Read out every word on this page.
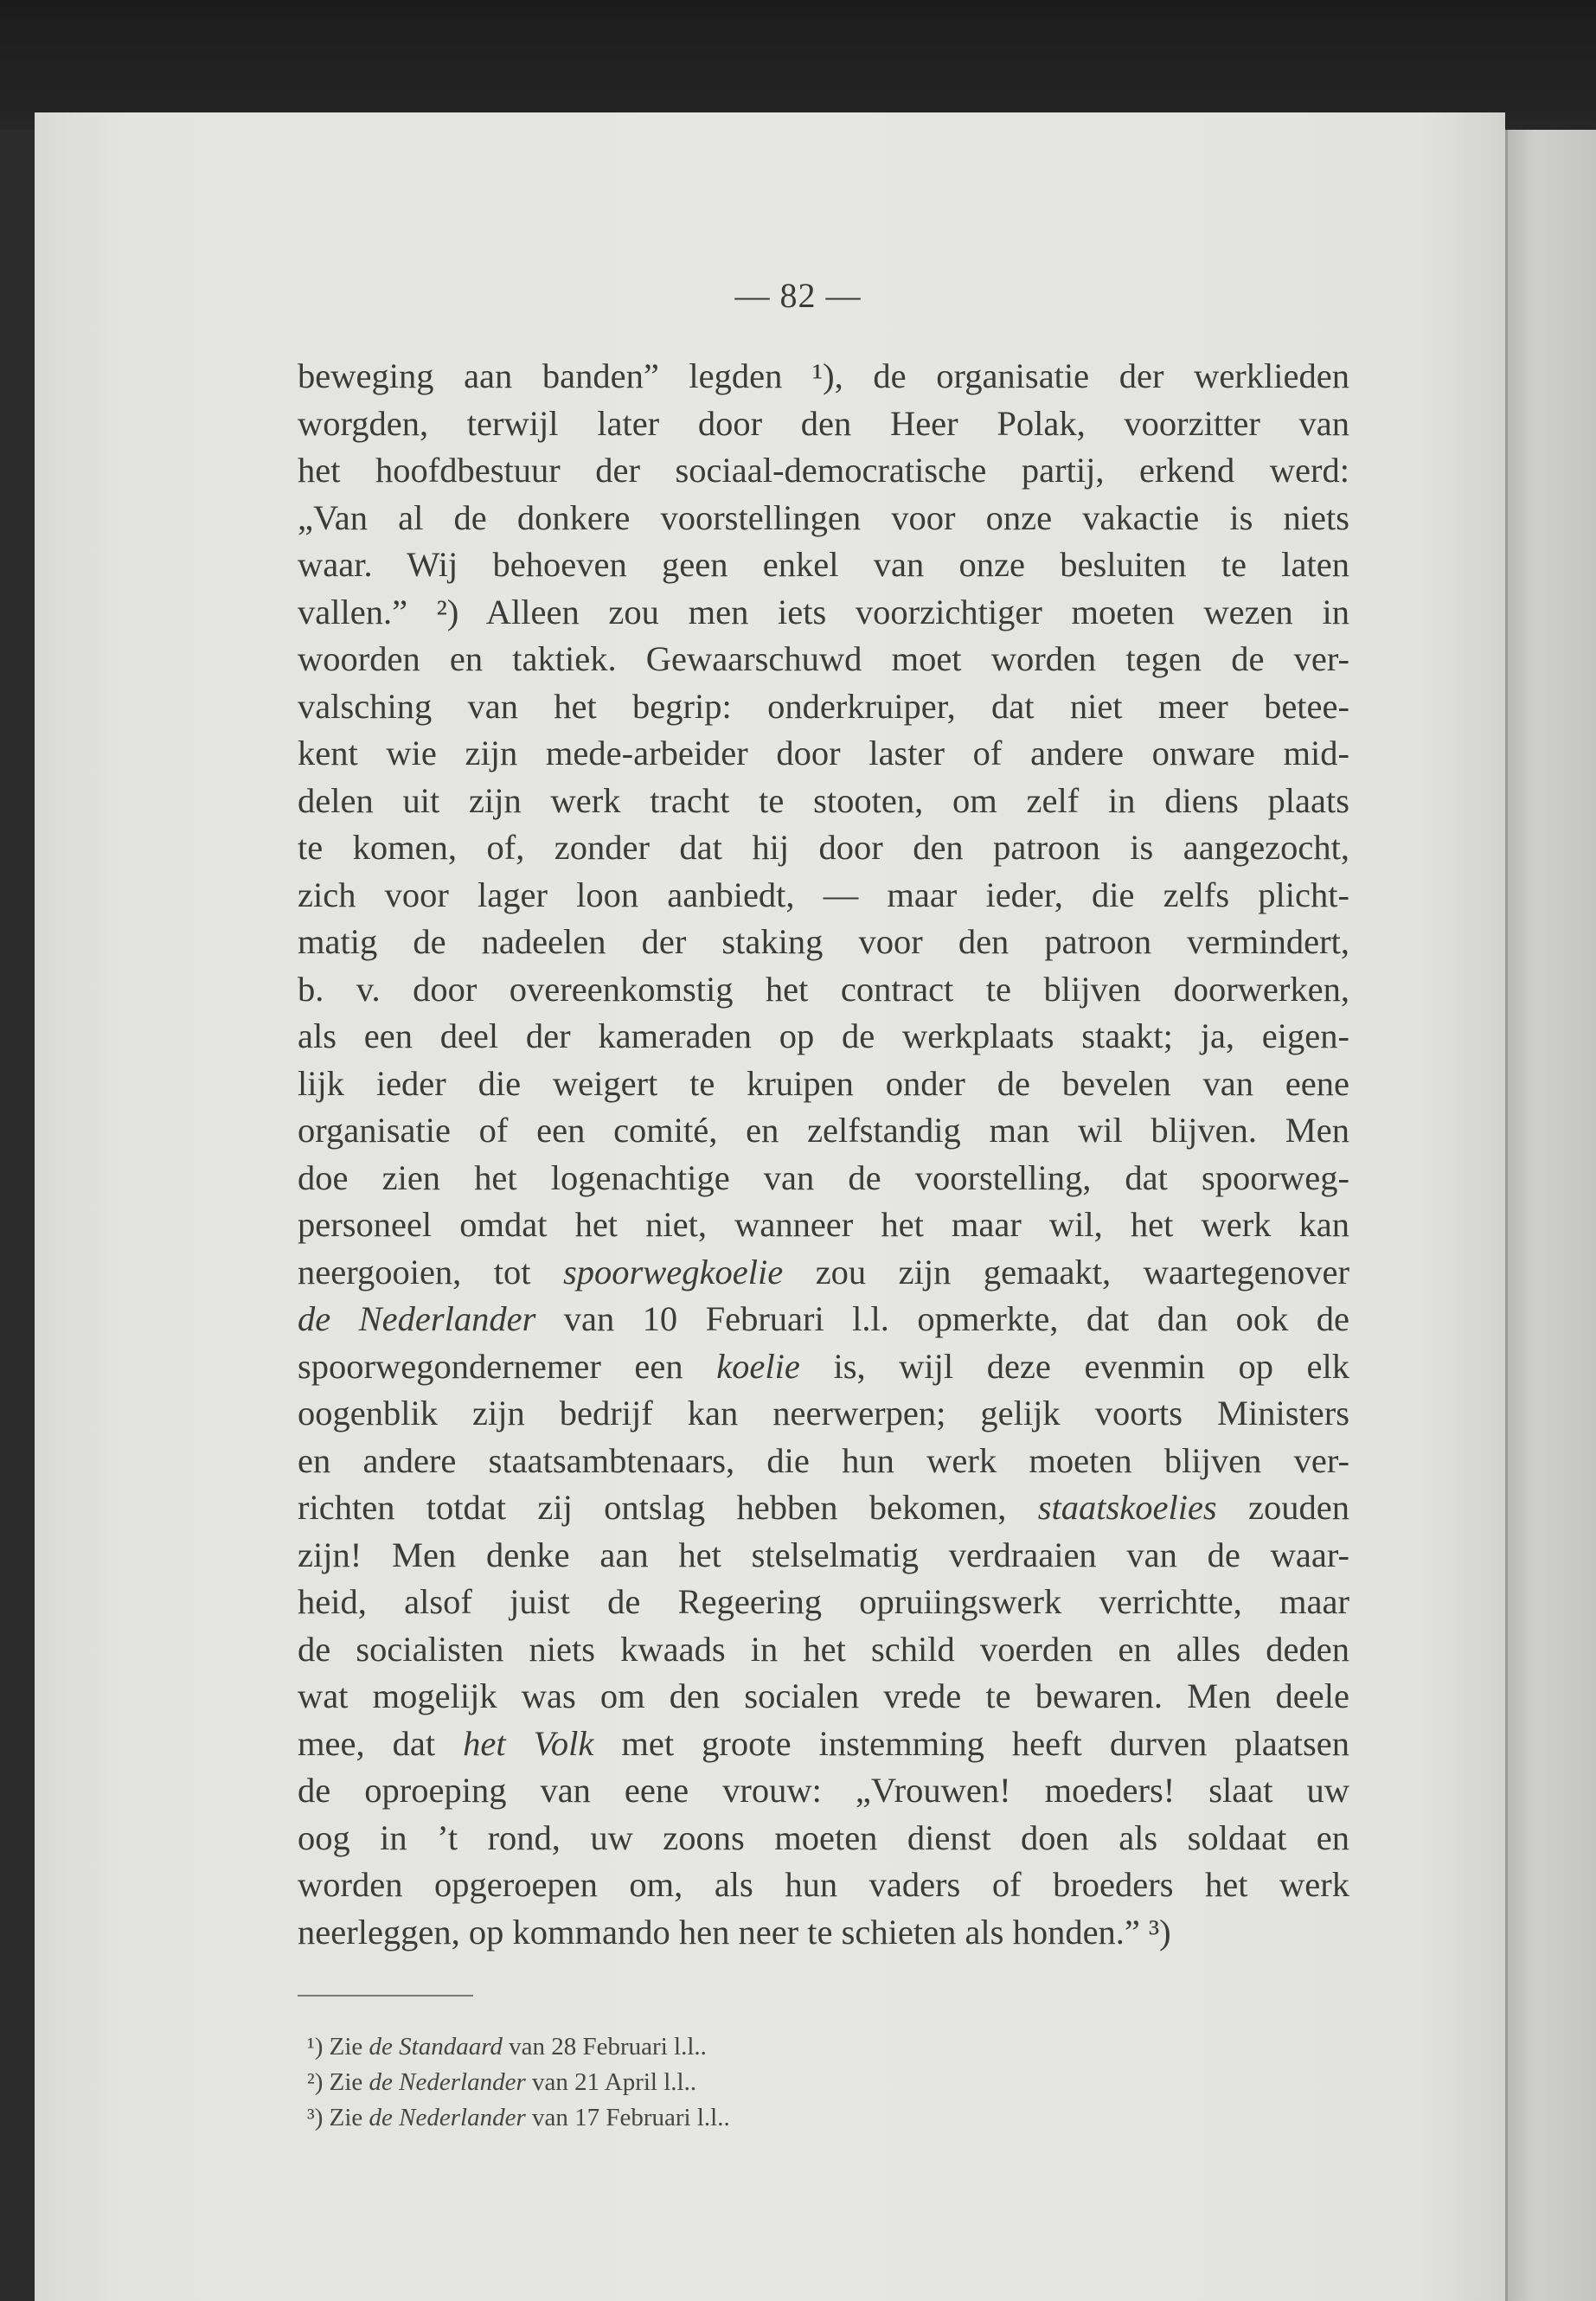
— 82 —
beweging aan banden” legden ¹), de organisatie der werklieden
worgden, terwijl later door den Heer Polak, voorzitter van
het hoofdbestuur der sociaal-democratische partij, erkend werd:
„Van al de donkere voorstellingen voor onze vakactie is niets
waar. Wij behoeven geen enkel van onze besluiten te laten
vallen.” ²) Alleen zou men iets voorzichtiger moeten wezen in
woorden en taktiek. Gewaarschuwd moet worden tegen de ver-
valsching van het begrip: onderkruiper, dat niet meer betee-
kent wie zijn mede-arbeider door laster of andere onware mid-
delen uit zijn werk tracht te stooten, om zelf in diens plaats
te komen, of, zonder dat hij door den patroon is aangezocht,
zich voor lager loon aanbiedt, — maar ieder, die zelfs plicht-
matig de nadeelen der staking voor den patroon vermindert,
b. v. door overeenkomstig het contract te blijven doorwerken,
als een deel der kameraden op de werkplaats staakt; ja, eigen-
lijk ieder die weigert te kruipen onder de bevelen van eene
organisatie of een comité, en zelfstandig man wil blijven. Men
doe zien het logenachtige van de voorstelling, dat spoorweg-
personeel omdat het niet, wanneer het maar wil, het werk kan
neergooien, tot spoorwegkoelie zou zijn gemaakt, waartegenover
de Nederlander van 10 Februari l.l. opmerkte, dat dan ook de
spoorwegondernemer een koelie is, wijl deze evenmin op elk
oogenblik zijn bedrijf kan neerwerpen; gelijk voorts Ministers
en andere staatsambtenaars, die hun werk moeten blijven ver-
richten totdat zij ontslag hebben bekomen, staatskoelies zouden
zijn! Men denke aan het stelselmatig verdraaien van de waar-
heid, alsof juist de Regeering opruiingswerk verrichtte, maar
de socialisten niets kwaads in het schild voerden en alles deden
wat mogelijk was om den socialen vrede te bewaren. Men deele
mee, dat het Volk met groote instemming heeft durven plaatsen
de oproeping van eene vrouw: „Vrouwen! moeders! slaat uw
oog in ’t rond, uw zoons moeten dienst doen als soldaat en
worden opgeroepen om, als hun vaders of broeders het werk
neerleggen, op kommando hen neer te schieten als honden.” ³)
¹) Zie de Standaard van 28 Februari l.l..
²) Zie de Nederlander van 21 April l.l..
³) Zie de Nederlander van 17 Februari l.l..
